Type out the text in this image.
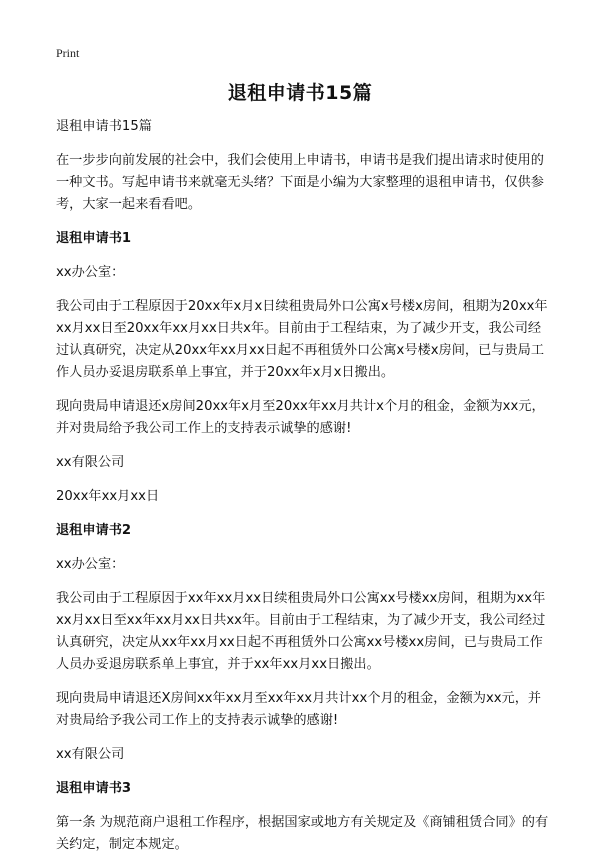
Print
退租申请书15篇

退租申请书15篇

在一步步向前发展的社会中，我们会使用上申请书，申请书是我们提出请求时使用的一种文书。写起申请书来就毫无头绪？下面是小编为大家整理的退租申请书，仅供参考，大家一起来看看吧。

退租申请书1

xx办公室：

我公司由于工程原因于20xx年x月x日续租贵局外口公寓x号楼x房间，租期为20xx年xx月xx日至20xx年xx月xx日共x年。目前由于工程结束，为了减少开支，我公司经过认真研究，决定从20xx年xx月xx日起不再租赁外口公寓x号楼x房间，已与贵局工作人员办妥退房联系单上事宜，并于20xx年x月x日搬出。

现向贵局申请退还x房间20xx年x月至20xx年xx月共计x个月的租金，金额为xx元，并对贵局给予我公司工作上的支持表示诚挚的感谢!

xx有限公司

20xx年xx月xx日

退租申请书2

xx办公室：

我公司由于工程原因于xx年xx月xx日续租贵局外口公寓xx号楼xx房间，租期为xx年xx月xx日至xx年xx月xx日共xx年。目前由于工程结束，为了减少开支，我公司经过认真研究，决定从xx年xx月xx日起不再租赁外口公寓xx号楼xx房间，已与贵局工作人员办妥退房联系单上事宜，并于xx年xx月xx日搬出。

现向贵局申请退还X房间xx年xx月至xx年xx月共计xx个月的租金，金额为xx元，并对贵局给予我公司工作上的支持表示诚挚的感谢!

xx有限公司

退租申请书3

第一条 为规范商户退租工作程序，根据国家或地方有关规定及《商铺租赁合同》的有关约定，制定本规定。
